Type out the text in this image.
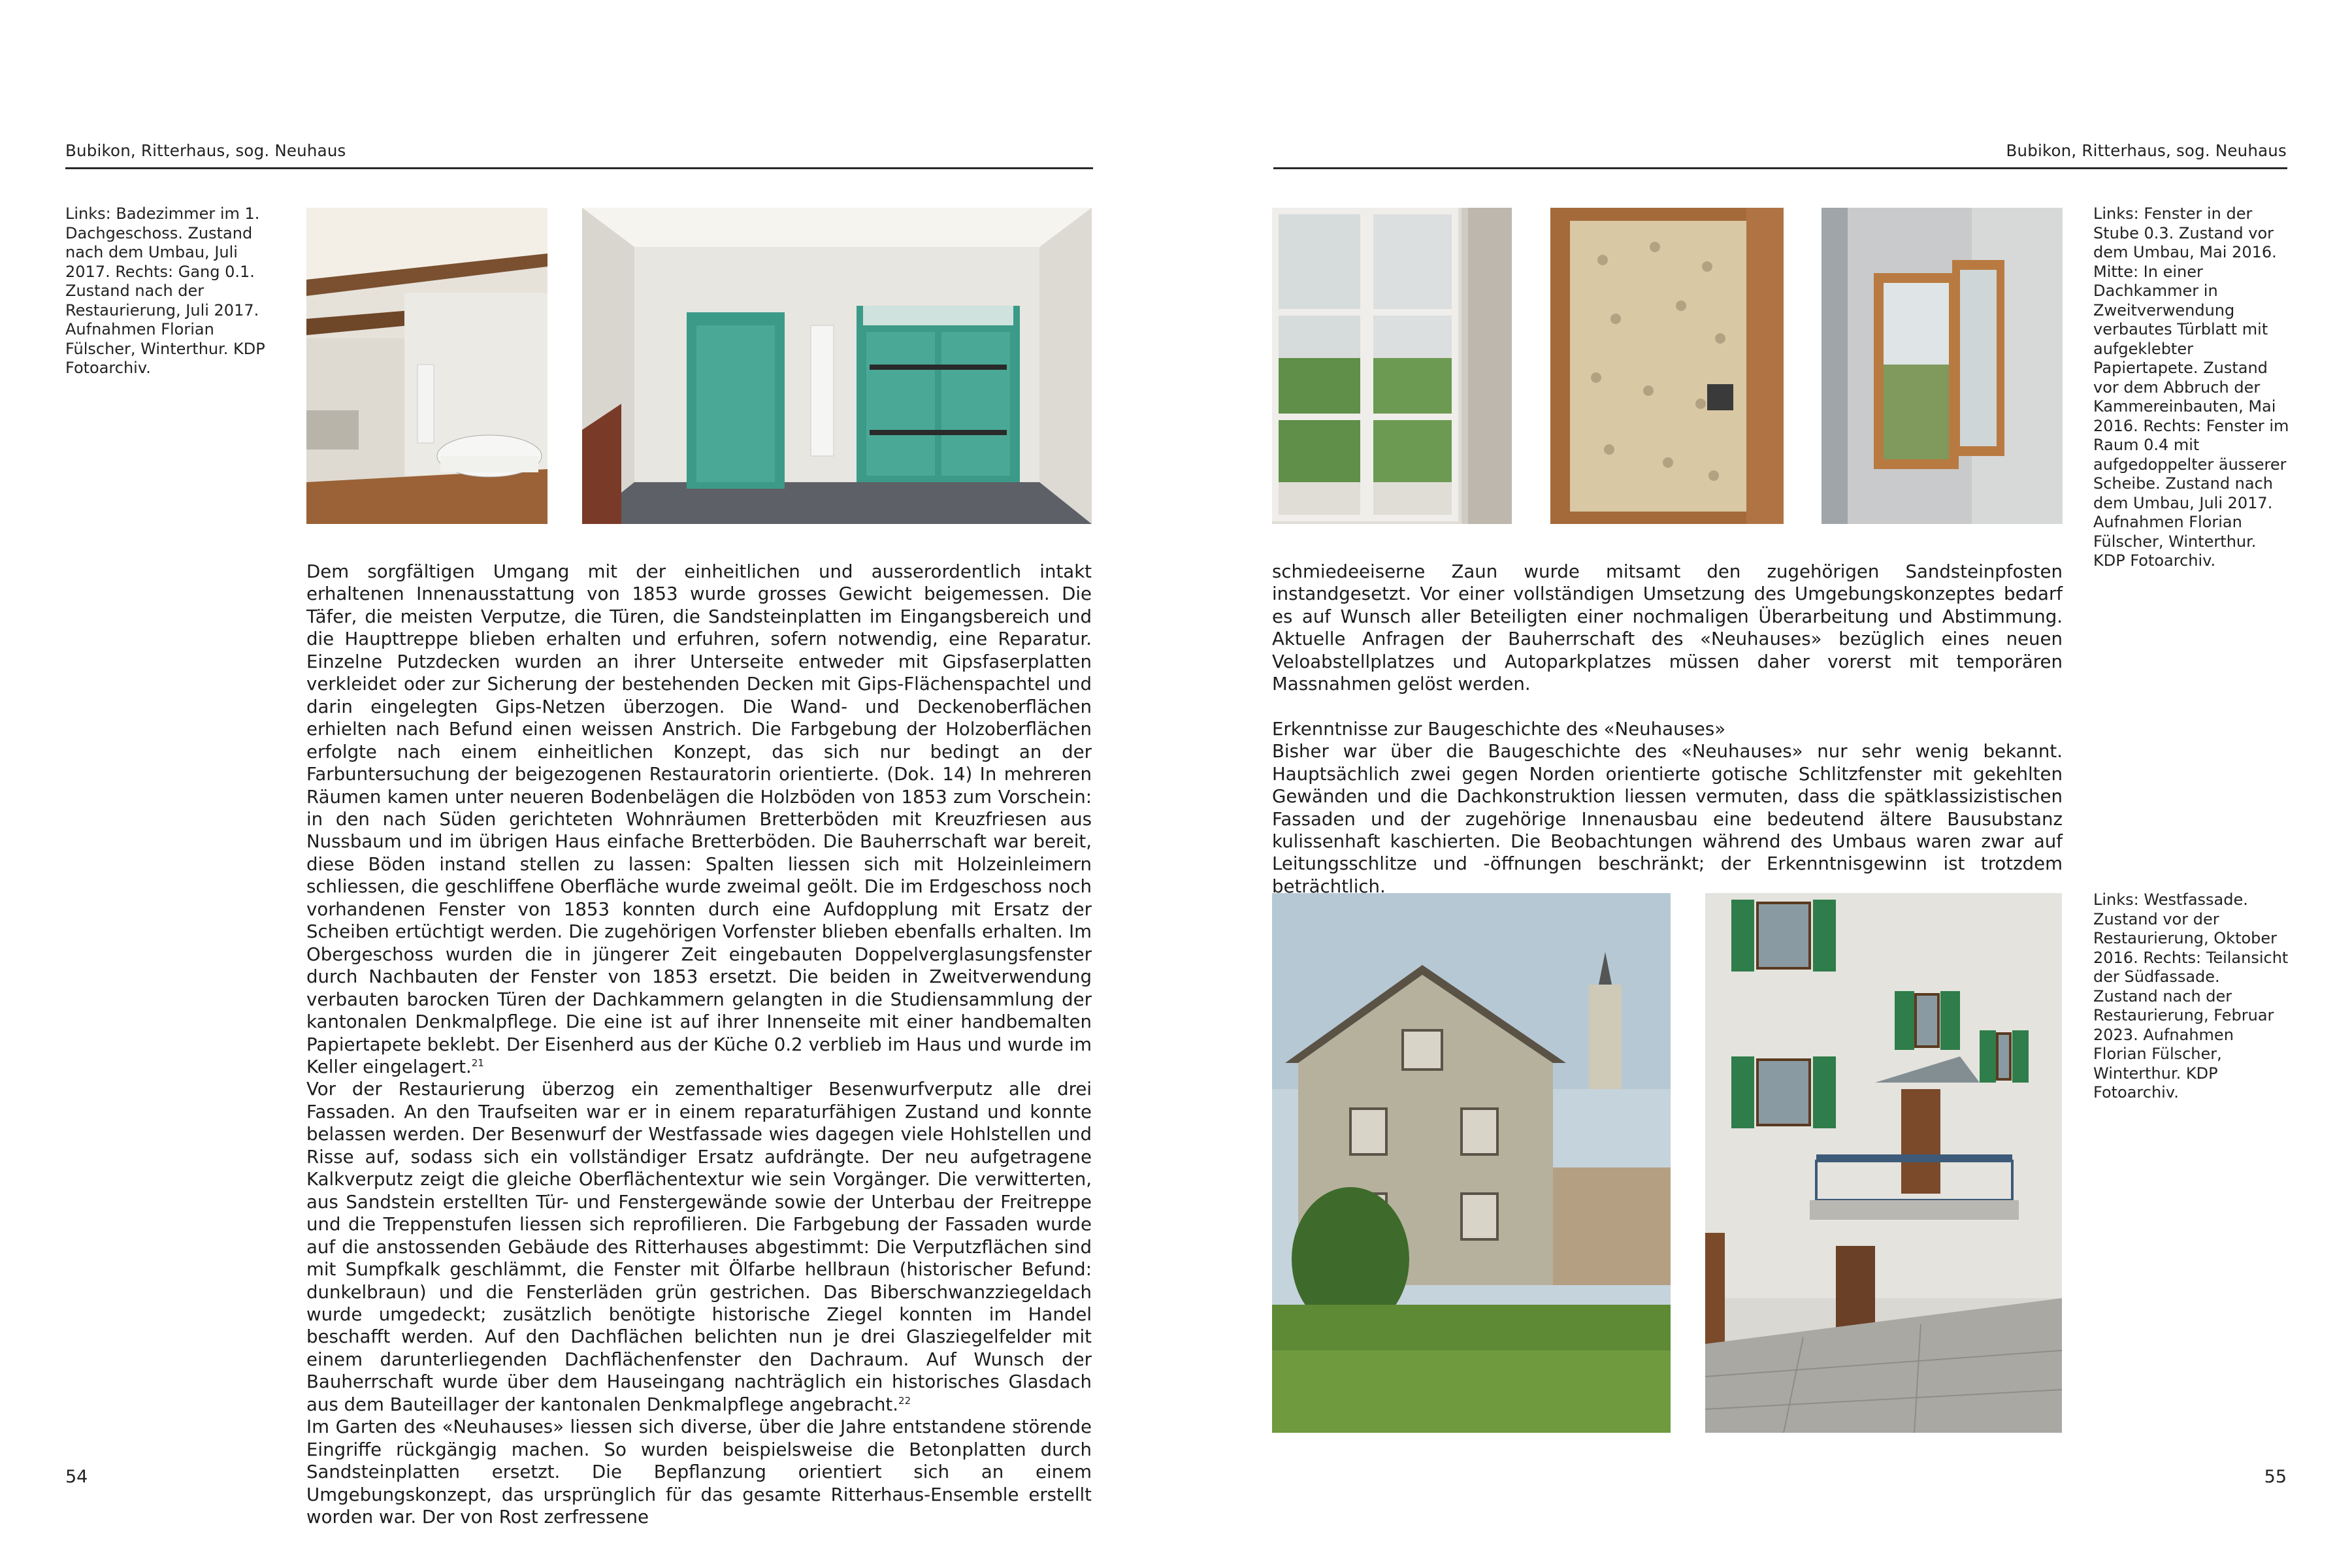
Bubikon, Ritterhaus, sog. Neuhaus	Bubikon, Ritterhaus, sog. Neuhaus

Links: Badezimmer im 1. Dachgeschoss. Zustand nach dem Umbau, Juli 2017. Rechts: Gang 0.1. Zustand nach der Restaurierung, Juli 2017. Aufnahmen Florian Fülscher, Winterthur. KDP Fotoarchiv.

Links: Fenster in der Stube 0.3. Zustand vor dem Umbau, Mai 2016. Mitte: In einer Dachkammer in Zweitverwendung verbautes Türblatt mit aufgeklebter Papiertapete. Zustand vor dem Abbruch der Kammereinbauten, Mai 2016. Rechts: Fenster im Raum 0.4 mit aufgedoppelter äusserer Scheibe. Zustand nach dem Umbau, Juli 2017. Aufnahmen Florian Fülscher, Winterthur. KDP Fotoarchiv.

Links: Westfassade. Zustand vor der Restaurierung, Oktober 2016. Rechts: Teilansicht der Südfassade. Zustand nach der Restaurierung, Februar 2023. Aufnahmen Florian Fülscher, Winterthur. KDP Fotoarchiv.

Dem sorgfältigen Umgang mit der einheitlichen und ausserordentlich intakt erhaltenen Innenausstattung von 1853 wurde grosses Gewicht beigemessen. Die Täfer, die meisten Verputze, die Türen, die Sandsteinplatten im Eingangsbereich und die Haupttreppe blieben erhalten und erfuhren, sofern notwendig, eine Reparatur. Einzelne Putzdecken wurden an ihrer Unterseite entweder mit Gipsfaserplatten verkleidet oder zur Sicherung der bestehenden Decken mit Gips-Flächenspachtel und darin eingelegten Gips-Netzen überzogen. Die Wand- und Deckenoberflächen erhielten nach Befund einen weissen Anstrich. Die Farbgebung der Holzoberflächen erfolgte nach einem einheitlichen Konzept, das sich nur bedingt an der Farbuntersuchung der beigezogenen Restauratorin orientierte. (Dok. 14) In mehreren Räumen kamen unter neueren Bodenbelägen die Holzböden von 1853 zum Vorschein: in den nach Süden gerichteten Wohnräumen Bretterböden mit Kreuzfriesen aus Nussbaum und im übrigen Haus einfache Bretterböden. Die Bauherrschaft war bereit, diese Böden instand stellen zu lassen: Spalten liessen sich mit Holzeinleimern schliessen, die geschliffene Oberfläche wurde zweimal geölt. Die im Erdgeschoss noch vorhandenen Fenster von 1853 konnten durch eine Aufdopplung mit Ersatz der Scheiben ertüchtigt werden. Die zugehörigen Vorfenster blieben ebenfalls erhalten. Im Obergeschoss wurden die in jüngerer Zeit eingebauten Doppelverglasungsfenster durch Nachbauten der Fenster von 1853 ersetzt. Die beiden in Zweitverwendung verbauten barocken Türen der Dachkammern gelangten in die Studiensammlung der kantonalen Denkmalpflege. Die eine ist auf ihrer Innenseite mit einer handbemalten Papiertapete beklebt. Der Eisenherd aus der Küche 0.2 verblieb im Haus und wurde im Keller eingelagert.$^{21}$

Vor der Restaurierung überzog ein zementhaltiger Besenwurfverputz alle drei Fassaden. An den Traufseiten war er in einem reparaturfähigen Zustand und konnte belassen werden. Der Besenwurf der Westfassade wies dagegen viele Hohlstellen und Risse auf, sodass sich ein vollständiger Ersatz aufdrängte. Der neu aufgetragene Kalkverputz zeigt die gleiche Oberflächentextur wie sein Vorgänger. Die verwitterten, aus Sandstein erstellten Tür- und Fenstergewände sowie der Unterbau der Freitreppe und die Treppenstufen liessen sich reprofilieren. Die Farbgebung der Fassaden wurde auf die anstossenden Gebäude des Ritterhauses abgestimmt: Die Verputzflächen sind mit Sumpfkalk geschlämmt, die Fenster mit Ölfarbe hellbraun (historischer Befund: dunkelbraun) und die Fensterläden grün gestrichen. Das Biberschwanzziegeldach wurde umgedeckt; zusätzlich benötigte historische Ziegel konnten im Handel beschafft werden. Auf den Dachflächen belichten nun je drei Glasziegelfelder mit einem darunterliegenden Dachflächenfenster den Dachraum. Auf Wunsch der Bauherrschaft wurde über dem Hauseingang nachträglich ein historisches Glasdach aus dem Bauteillager der kantonalen Denkmalpflege angebracht.$^{22}$

Im Garten des «Neuhauses» liessen sich diverse, über die Jahre entstandene störende Eingriffe rückgängig machen. So wurden beispielsweise die Betonplatten durch Sandsteinplatten ersetzt. Die Bepflanzung orientiert sich an einem Umgebungskonzept, das ursprünglich für das gesamte Ritterhaus-Ensemble erstellt worden war. Der von Rost zerfressene

schmiedeeiserne Zaun wurde mitsamt den zugehörigen Sandsteinpfosten instandgesetzt. Vor einer vollständigen Umsetzung des Umgebungskonzeptes bedarf es auf Wunsch aller Beteiligten einer nochmaligen Überarbeitung und Abstimmung. Aktuelle Anfragen der Bauherrschaft des «Neuhauses» bezüglich eines neuen Veloabstellplatzes und Autoparkplatzes müssen daher vorerst mit temporären Massnahmen gelöst werden.

Erkenntnisse zur Baugeschichte des «Neuhauses»

Bisher war über die Baugeschichte des «Neuhauses» nur sehr wenig bekannt. Hauptsächlich zwei gegen Norden orientierte gotische Schlitzfenster mit gekehlten Gewänden und die Dachkonstruktion liessen vermuten, dass die spätklassizistischen Fassaden und der zugehörige Innenausbau eine bedeutend ältere Bausubstanz kulissenhaft kaschierten. Die Beobachtungen während des Umbaus waren zwar auf Leitungsschlitze und -öffnungen beschränkt; der Erkenntnisgewinn ist trotzdem beträchtlich.

54	55
